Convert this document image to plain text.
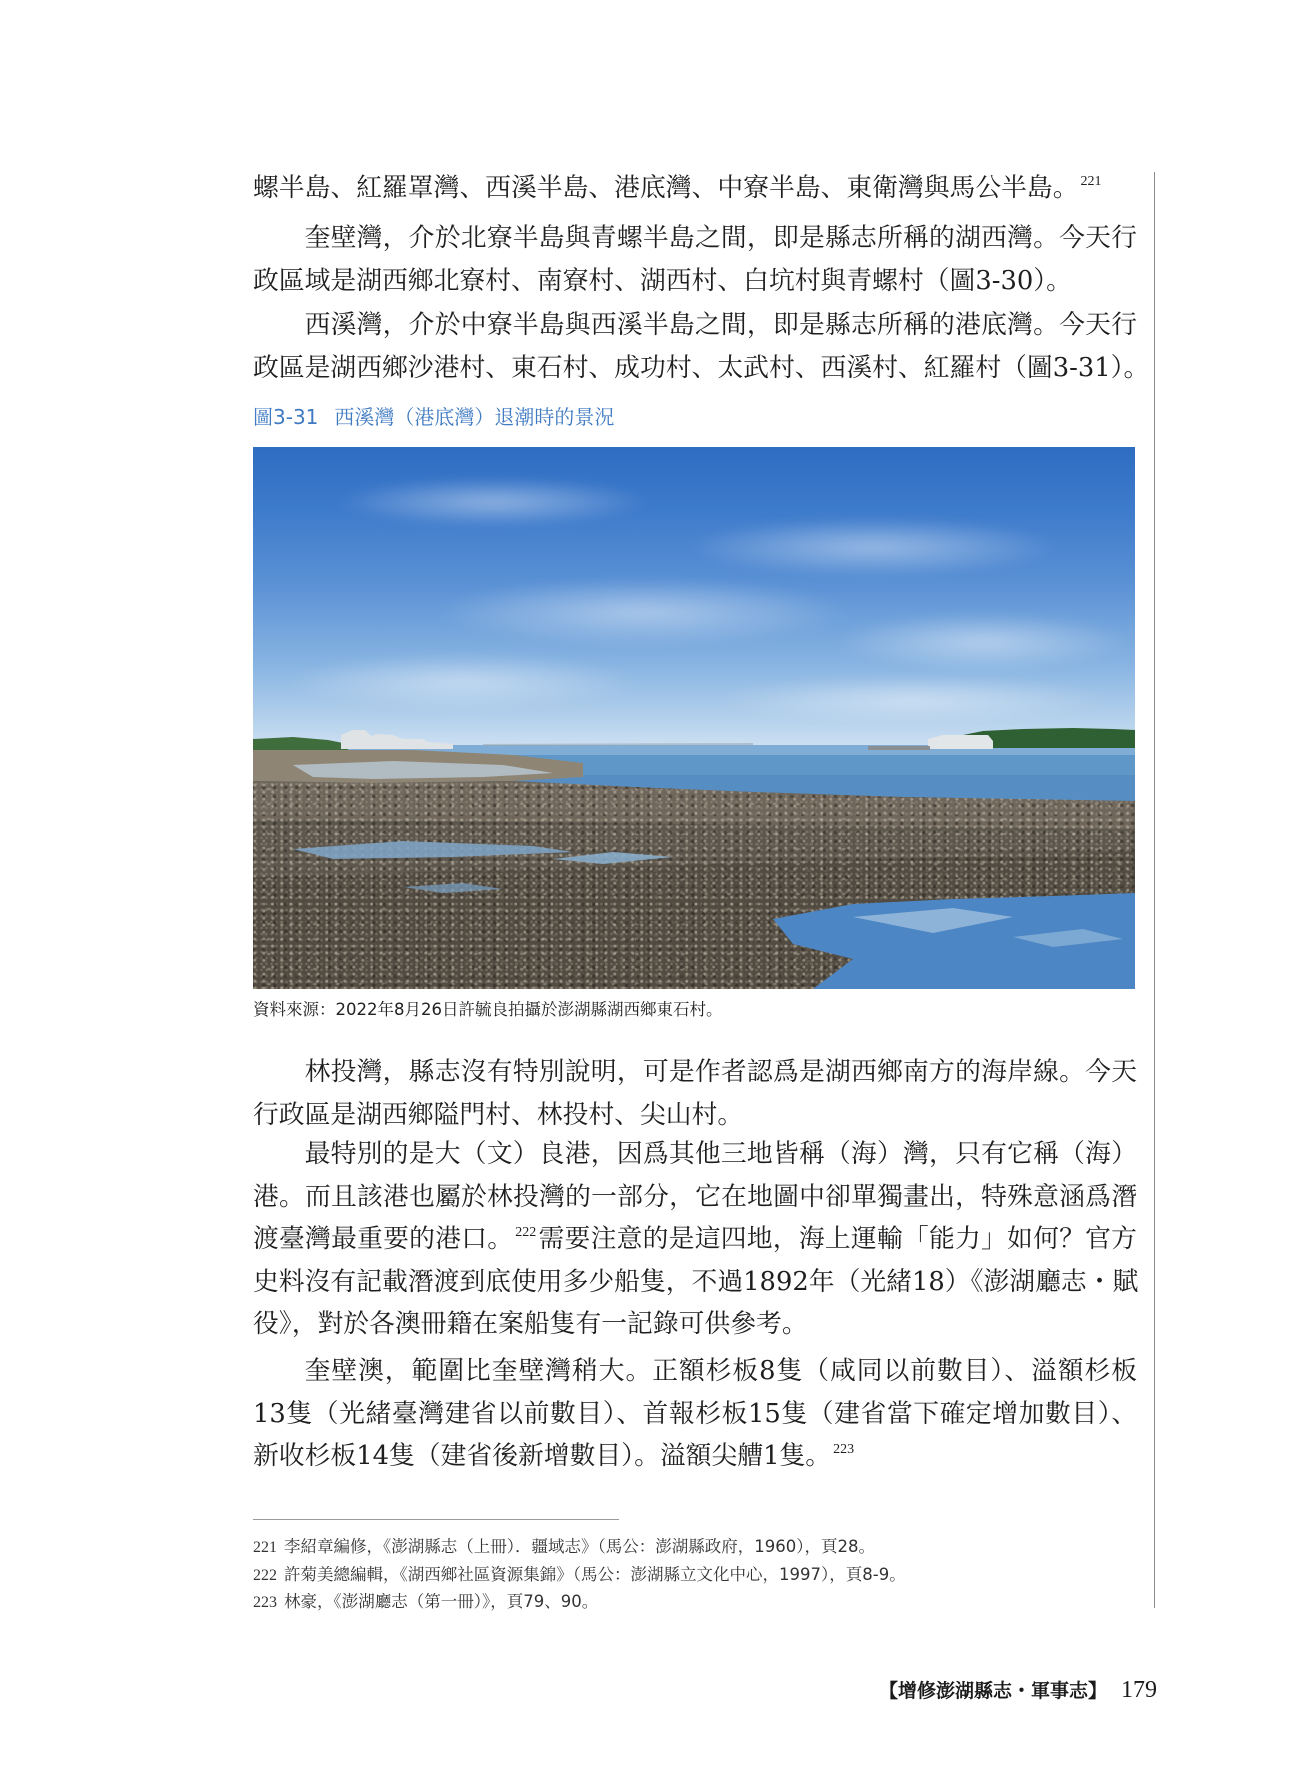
螺半島、紅羅罩灣、西溪半島、港底灣、中寮半島、東衛灣與馬公半島。 $^{221}$
奎壁灣，介於北寮半島與青螺半島之間，即是縣志所稱的湖西灣。今天行
政區域是湖西鄉北寮村、南寮村、湖西村、白坑村與青螺村（圖3-30）。
西溪灣，介於中寮半島與西溪半島之間，即是縣志所稱的港底灣。今天行
政區是湖西鄉沙港村、東石村、成功村、太武村、西溪村、紅羅村（圖3-31）。
圖3-31 西溪灣（港底灣）退潮時的景況
資料來源：2022年8月26日許毓良拍攝於澎湖縣湖西鄉東石村。
林投灣，縣志沒有特別說明，可是作者認爲是湖西鄉南方的海岸線。今天
行政區是湖西鄉隘門村、林投村、尖山村。
最特別的是大（文）良港，因爲其他三地皆稱（海）灣，只有它稱（海）
港。而且該港也屬於林投灣的一部分，它在地圖中卻單獨畫出，特殊意涵爲潛
渡臺灣最重要的港口。 $^{222}$需要注意的是這四地，海上運輸「能力」如何？官方
史料沒有記載潛渡到底使用多少船隻，不過1892年（光緒18）《澎湖廳志・賦
役》，對於各澳冊籍在案船隻有一記錄可供參考。
奎壁澳，範圍比奎壁灣稍大。正額杉板8隻（咸同以前數目）、溢額杉板
13隻（光緒臺灣建省以前數目）、首報杉板15隻（建省當下確定增加數目）、
新收杉板14隻（建省後新增數目）。溢額尖艚1隻。 $^{223}$
221 李紹章編修，《澎湖縣志（上冊）．疆域志》（馬公：澎湖縣政府，1960），頁28。
222 許菊美總編輯，《湖西鄉社區資源集錦》（馬公：澎湖縣立文化中心，1997），頁8-9。
223 林豪，《澎湖廳志（第一冊）》，頁79、90。
【增修澎湖縣志・軍事志】 179
